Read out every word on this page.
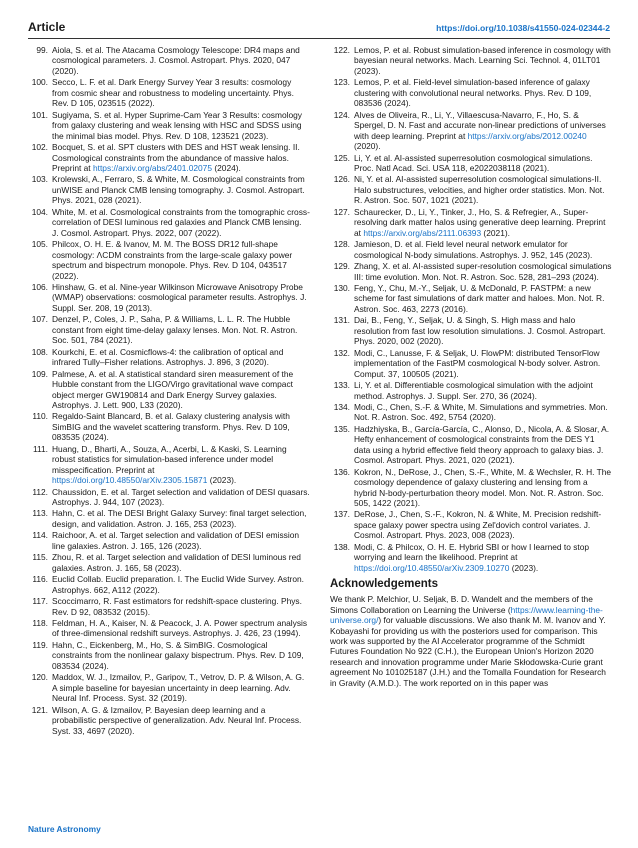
Article	https://doi.org/10.1038/s41550-024-02344-2
99. Aiola, S. et al. The Atacama Cosmology Telescope: DR4 maps and cosmological parameters. J. Cosmol. Astropart. Phys. 2020, 047 (2020).
100. Secco, L. F. et al. Dark Energy Survey Year 3 results: cosmology from cosmic shear and robustness to modeling uncertainty. Phys. Rev. D 105, 023515 (2022).
101. Sugiyama, S. et al. Hyper Suprime-Cam Year 3 Results: cosmology from galaxy clustering and weak lensing with HSC and SDSS using the minimal bias model. Phys. Rev. D 108, 123521 (2023).
102. Bocquet, S. et al. SPT clusters with DES and HST weak lensing. II. Cosmological constraints from the abundance of massive halos. Preprint at https://arxiv.org/abs/2401.02075 (2024).
103. Krolewski, A., Ferraro, S. & White, M. Cosmological constraints from unWISE and Planck CMB lensing tomography. J. Cosmol. Astropart. Phys. 2021, 028 (2021).
104. White, M. et al. Cosmological constraints from the tomographic cross-correlation of DESI luminous red galaxies and Planck CMB lensing. J. Cosmol. Astropart. Phys. 2022, 007 (2022).
105. Philcox, O. H. E. & Ivanov, M. M. The BOSS DR12 full-shape cosmology: ΛCDM constraints from the large-scale galaxy power spectrum and bispectrum monopole. Phys. Rev. D 104, 043517 (2022).
106. Hinshaw, G. et al. Nine-year Wilkinson Microwave Anisotropy Probe (WMAP) observations: cosmological parameter results. Astrophys. J. Suppl. Ser. 208, 19 (2013).
107. Denzel, P., Coles, J. P., Saha, P. & Williams, L. L. R. The Hubble constant from eight time-delay galaxy lenses. Mon. Not. R. Astron. Soc. 501, 784 (2021).
108. Kourkchi, E. et al. Cosmicflows-4: the calibration of optical and infrared Tully–Fisher relations. Astrophys. J. 896, 3 (2020).
109. Palmese, A. et al. A statistical standard siren measurement of the Hubble constant from the LIGO/Virgo gravitational wave compact object merger GW190814 and Dark Energy Survey galaxies. Astrophys. J. Lett. 900, L33 (2020).
110. Regaldo-Saint Blancard, B. et al. Galaxy clustering analysis with SimBIG and the wavelet scattering transform. Phys. Rev. D 109, 083535 (2024).
111. Huang, D., Bharti, A., Souza, A., Acerbi, L. & Kaski, S. Learning robust statistics for simulation-based inference under model misspecification. Preprint at https://doi.org/10.48550/arXiv.2305.15871 (2023).
112. Chaussidon, E. et al. Target selection and validation of DESI quasars. Astrophys. J. 944, 107 (2023).
113. Hahn, C. et al. The DESI Bright Galaxy Survey: final target selection, design, and validation. Astron. J. 165, 253 (2023).
114. Raichoor, A. et al. Target selection and validation of DESI emission line galaxies. Astron. J. 165, 126 (2023).
115. Zhou, R. et al. Target selection and validation of DESI luminous red galaxies. Astron. J. 165, 58 (2023).
116. Euclid Collab. Euclid preparation. I. The Euclid Wide Survey. Astron. Astrophys. 662, A112 (2022).
117. Scoccimarro, R. Fast estimators for redshift-space clustering. Phys. Rev. D 92, 083532 (2015).
118. Feldman, H. A., Kaiser, N. & Peacock, J. A. Power spectrum analysis of three-dimensional redshift surveys. Astrophys. J. 426, 23 (1994).
119. Hahn, C., Eickenberg, M., Ho, S. & SimBIG. Cosmological constraints from the nonlinear galaxy bispectrum. Phys. Rev. D 109, 083534 (2024).
120. Maddox, W. J., Izmailov, P., Garipov, T., Vetrov, D. P. & Wilson, A. G. A simple baseline for bayesian uncertainty in deep learning. Adv. Neural Inf. Process. Syst. 32 (2019).
121. Wilson, A. G. & Izmailov, P. Bayesian deep learning and a probabilistic perspective of generalization. Adv. Neural Inf. Process. Syst. 33, 4697 (2020).
122. Lemos, P. et al. Robust simulation-based inference in cosmology with bayesian neural networks. Mach. Learning Sci. Technol. 4, 01LT01 (2023).
123. Lemos, P. et al. Field-level simulation-based inference of galaxy clustering with convolutional neural networks. Phys. Rev. D 109, 083536 (2024).
124. Alves de Oliveira, R., Li, Y., Villaescusa-Navarro, F., Ho, S. & Spergel, D. N. Fast and accurate non-linear predictions of universes with deep learning. Preprint at https://arxiv.org/abs/2012.00240 (2020).
125. Li, Y. et al. AI-assisted superresolution cosmological simulations. Proc. Natl Acad. Sci. USA 118, e2022038118 (2021).
126. Ni, Y. et al. AI-assisted superresolution cosmological simulations-II. Halo substructures, velocities, and higher order statistics. Mon. Not. R. Astron. Soc. 507, 1021 (2021).
127. Schaurecker, D., Li, Y., Tinker, J., Ho, S. & Refregier, A., Super-resolving dark matter halos using generative deep learning. Preprint at https://arxiv.org/abs/2111.06393 (2021).
128. Jamieson, D. et al. Field level neural network emulator for cosmological N-body simulations. Astrophys. J. 952, 145 (2023).
129. Zhang, X. et al. AI-assisted super-resolution cosmological simulations III: time evolution. Mon. Not. R. Astron. Soc. 528, 281–293 (2024).
130. Feng, Y., Chu, M.-Y., Seljak, U. & McDonald, P. FASTPM: a new scheme for fast simulations of dark matter and haloes. Mon. Not. R. Astron. Soc. 463, 2273 (2016).
131. Dai, B., Feng, Y., Seljak, U. & Singh, S. High mass and halo resolution from fast low resolution simulations. J. Cosmol. Astropart. Phys. 2020, 002 (2020).
132. Modi, C., Lanusse, F. & Seljak, U. FlowPM: distributed TensorFlow implementation of the FastPM cosmological N-body solver. Astron. Comput. 37, 100505 (2021).
133. Li, Y. et al. Differentiable cosmological simulation with the adjoint method. Astrophys. J. Suppl. Ser. 270, 36 (2024).
134. Modi, C., Chen, S.-F. & White, M. Simulations and symmetries. Mon. Not. R. Astron. Soc. 492, 5754 (2020).
135. Hadzhiyska, B., García-García, C., Alonso, D., Nicola, A. & Slosar, A. Hefty enhancement of cosmological constraints from the DES Y1 data using a hybrid effective field theory approach to galaxy bias. J. Cosmol. Astropart. Phys. 2021, 020 (2021).
136. Kokron, N., DeRose, J., Chen, S.-F., White, M. & Wechsler, R. H. The cosmology dependence of galaxy clustering and lensing from a hybrid N-body-perturbation theory model. Mon. Not. R. Astron. Soc. 505, 1422 (2021).
137. DeRose, J., Chen, S.-F., Kokron, N. & White, M. Precision redshift-space galaxy power spectra using Zel'dovich control variates. J. Cosmol. Astropart. Phys. 2023, 008 (2023).
138. Modi, C. & Philcox, O. H. E. Hybrid SBI or how I learned to stop worrying and learn the likelihood. Preprint at https://doi.org/10.48550/arXiv.2309.10270 (2023).
Acknowledgements

We thank P. Melchior, U. Seljak, B. D. Wandelt and the members of the Simons Collaboration on Learning the Universe (https://www.learning-the-universe.org/) for valuable discussions. We also thank M. M. Ivanov and Y. Kobayashi for providing us with the posteriors used for comparison. This work was supported by the AI Accelerator programme of the Schmidt Futures Foundation No 922 (C.H.), the European Union's Horizon 2020 research and innovation programme under Marie Skłodowska-Curie grant agreement No 101025187 (J.H.) and the Tomalla Foundation for Research in Gravity (A.M.D.). The work reported on in this paper was

Nature Astronomy
